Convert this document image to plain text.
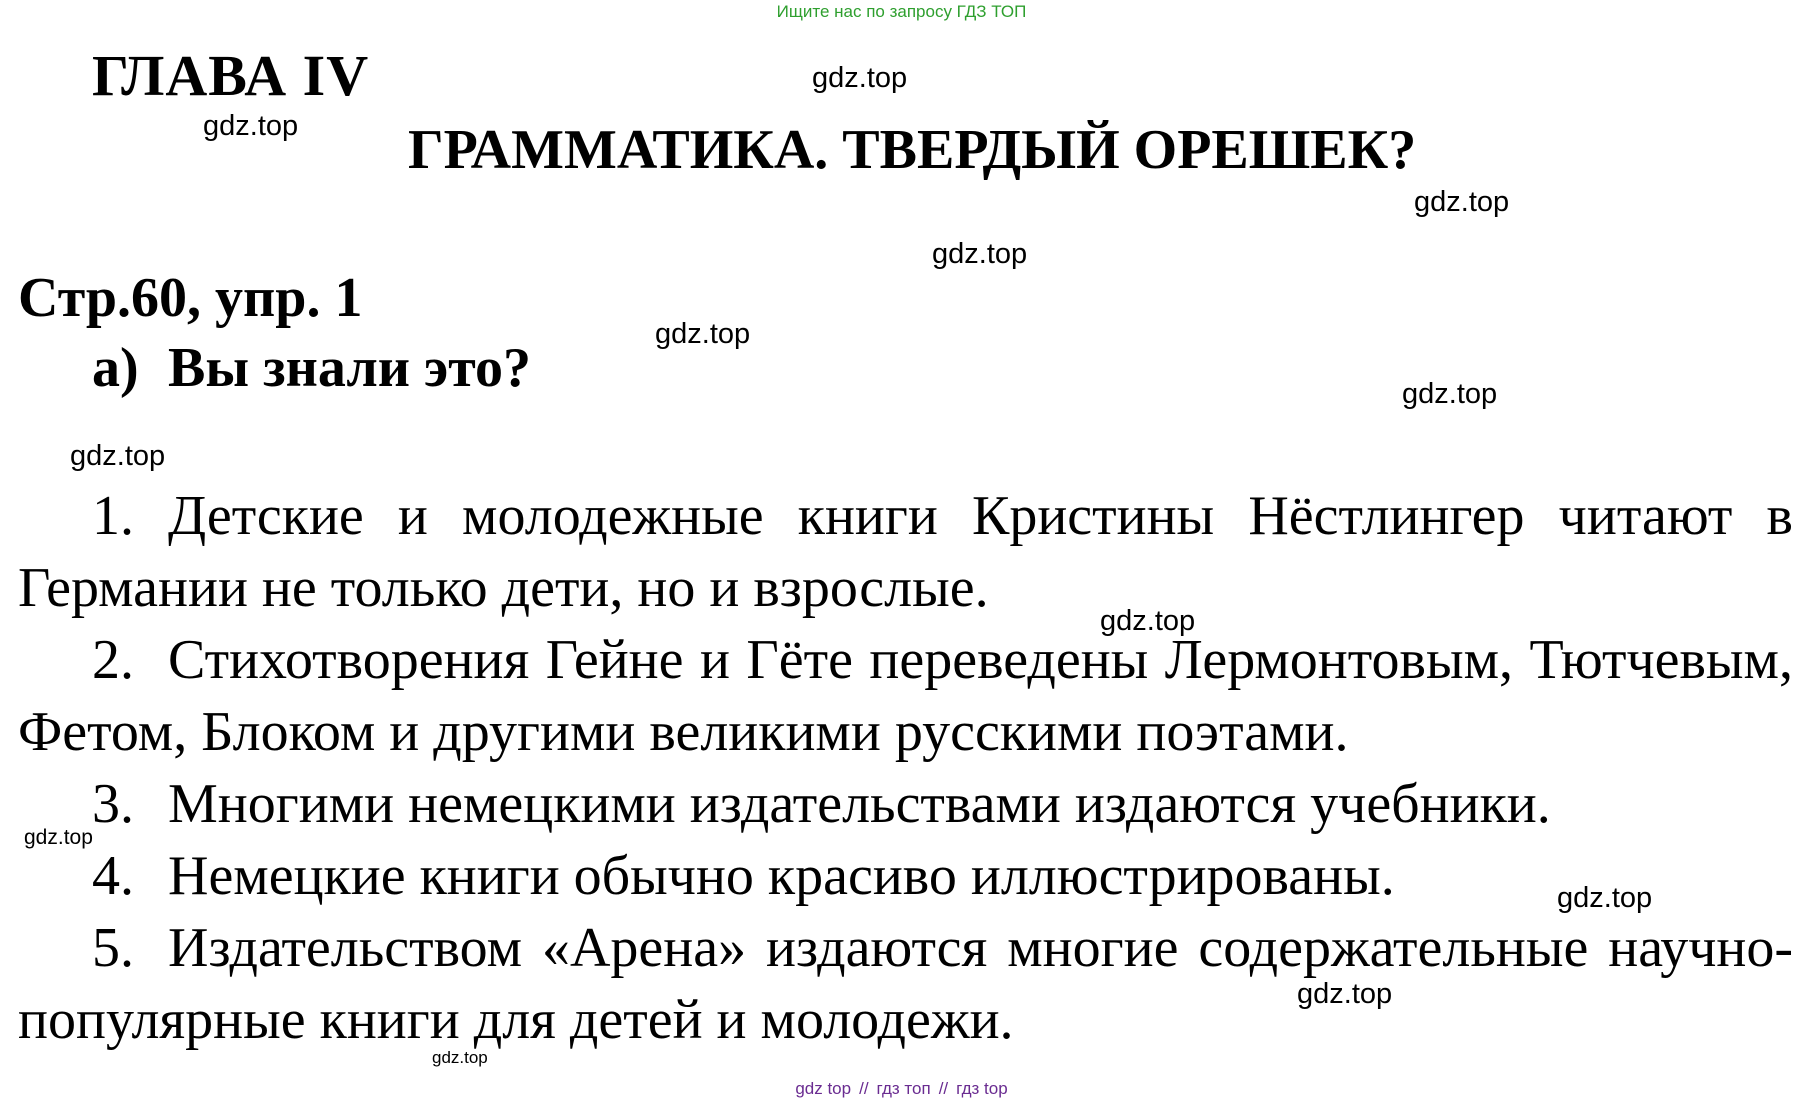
Ищите нас по запросу ГДЗ ТОП
ГЛАВА IV
ГРАММАТИКА. ТВЕРДЫЙ ОРЕШЕК?
Стр.60, упр. 1
а) Вы знали это?

1. Детские и молодежные книги Кристины Нёстлингер читают в Германии не только дети, но и взрослые.

2. Стихотворения Гейне и Гёте переведены Лермонтовым, Тютчевым, Фетом, Блоком и другими великими русскими поэтами.

3. Многими немецкими издательствами издаются учебники.

4. Немецкие книги обычно красиво иллюстрированы.

5. Издательством «Арена» издаются многие содержательные научно-популярные книги для детей и молодежи.

gdz.top
gdz.top
gdz.top
gdz.top
gdz.top
gdz.top
gdz.top
gdz.top
gdz.top
gdz.top
gdz.top
gdz.top
gdz top // гдз топ // гдз top
